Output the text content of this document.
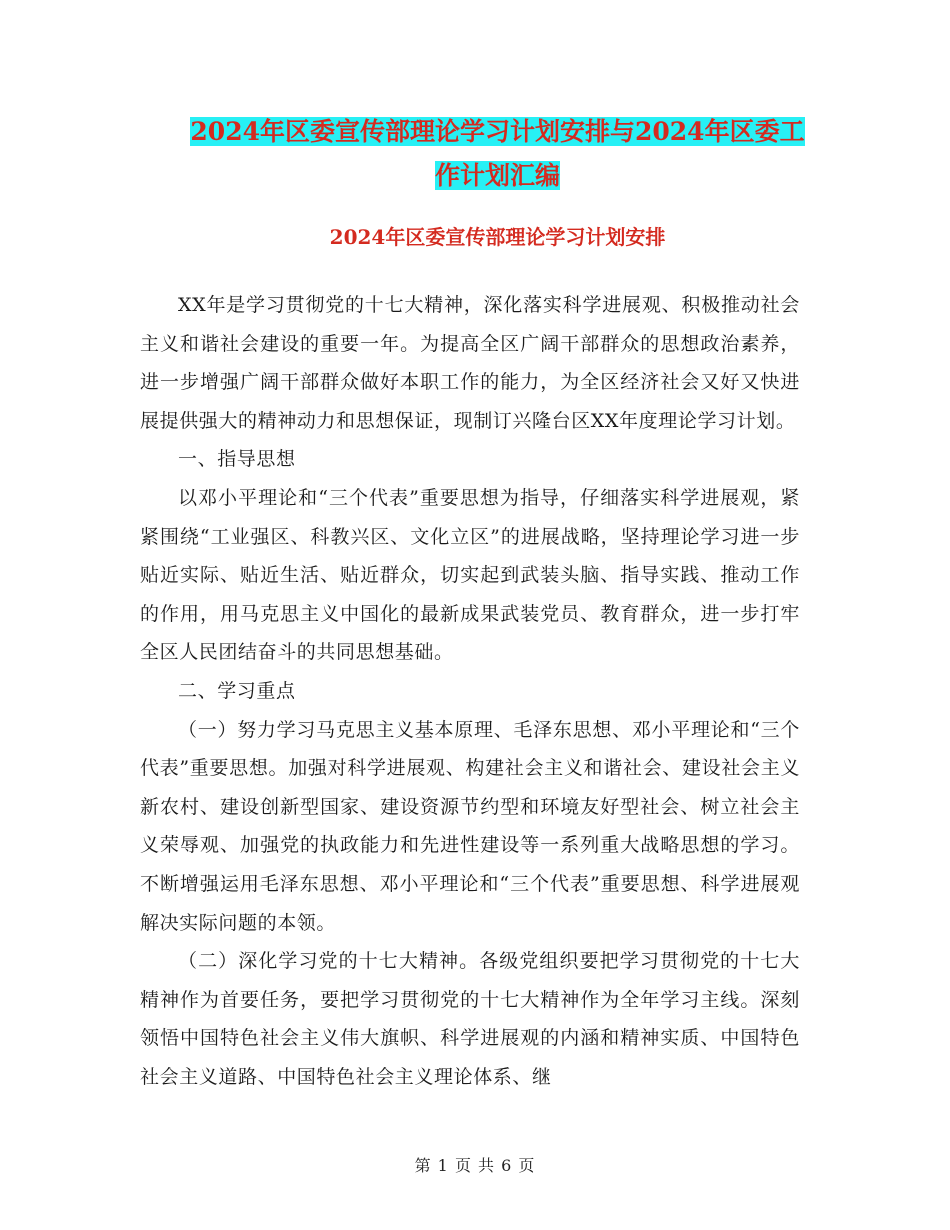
2024年区委宣传部理论学习计划安排与2024年区委工
作计划汇编
2024年区委宣传部理论学习计划安排

XX年是学习贯彻党的十七大精神，深化落实科学进展观、积极推动社会主义和谐社会建设的重要一年。为提高全区广阔干部群众的思想政治素养，进一步增强广阔干部群众做好本职工作的能力，为全区经济社会又好又快进展提供强大的精神动力和思想保证，现制订兴隆台区XX年度理论学习计划。

一、指导思想

以邓小平理论和“三个代表”重要思想为指导，仔细落实科学进展观，紧紧围绕“工业强区、科教兴区、文化立区”的进展战略，坚持理论学习进一步贴近实际、贴近生活、贴近群众，切实起到武装头脑、指导实践、推动工作的作用，用马克思主义中国化的最新成果武装党员、教育群众，进一步打牢全区人民团结奋斗的共同思想基础。

二、学习重点

（一）努力学习马克思主义基本原理、毛泽东思想、邓小平理论和“三个代表”重要思想。加强对科学进展观、构建社会主义和谐社会、建设社会主义新农村、建设创新型国家、建设资源节约型和环境友好型社会、树立社会主义荣辱观、加强党的执政能力和先进性建设等一系列重大战略思想的学习。不断增强运用毛泽东思想、邓小平理论和“三个代表”重要思想、科学进展观解决实际问题的本领。

（二）深化学习党的十七大精神。各级党组织要把学习贯彻党的十七大精神作为首要任务，要把学习贯彻党的十七大精神作为全年学习主线。深刻领悟中国特色社会主义伟大旗帜、科学进展观的内涵和精神实质、中国特色社会主义道路、中国特色社会主义理论体系、继

第 1 页 共 6 页
